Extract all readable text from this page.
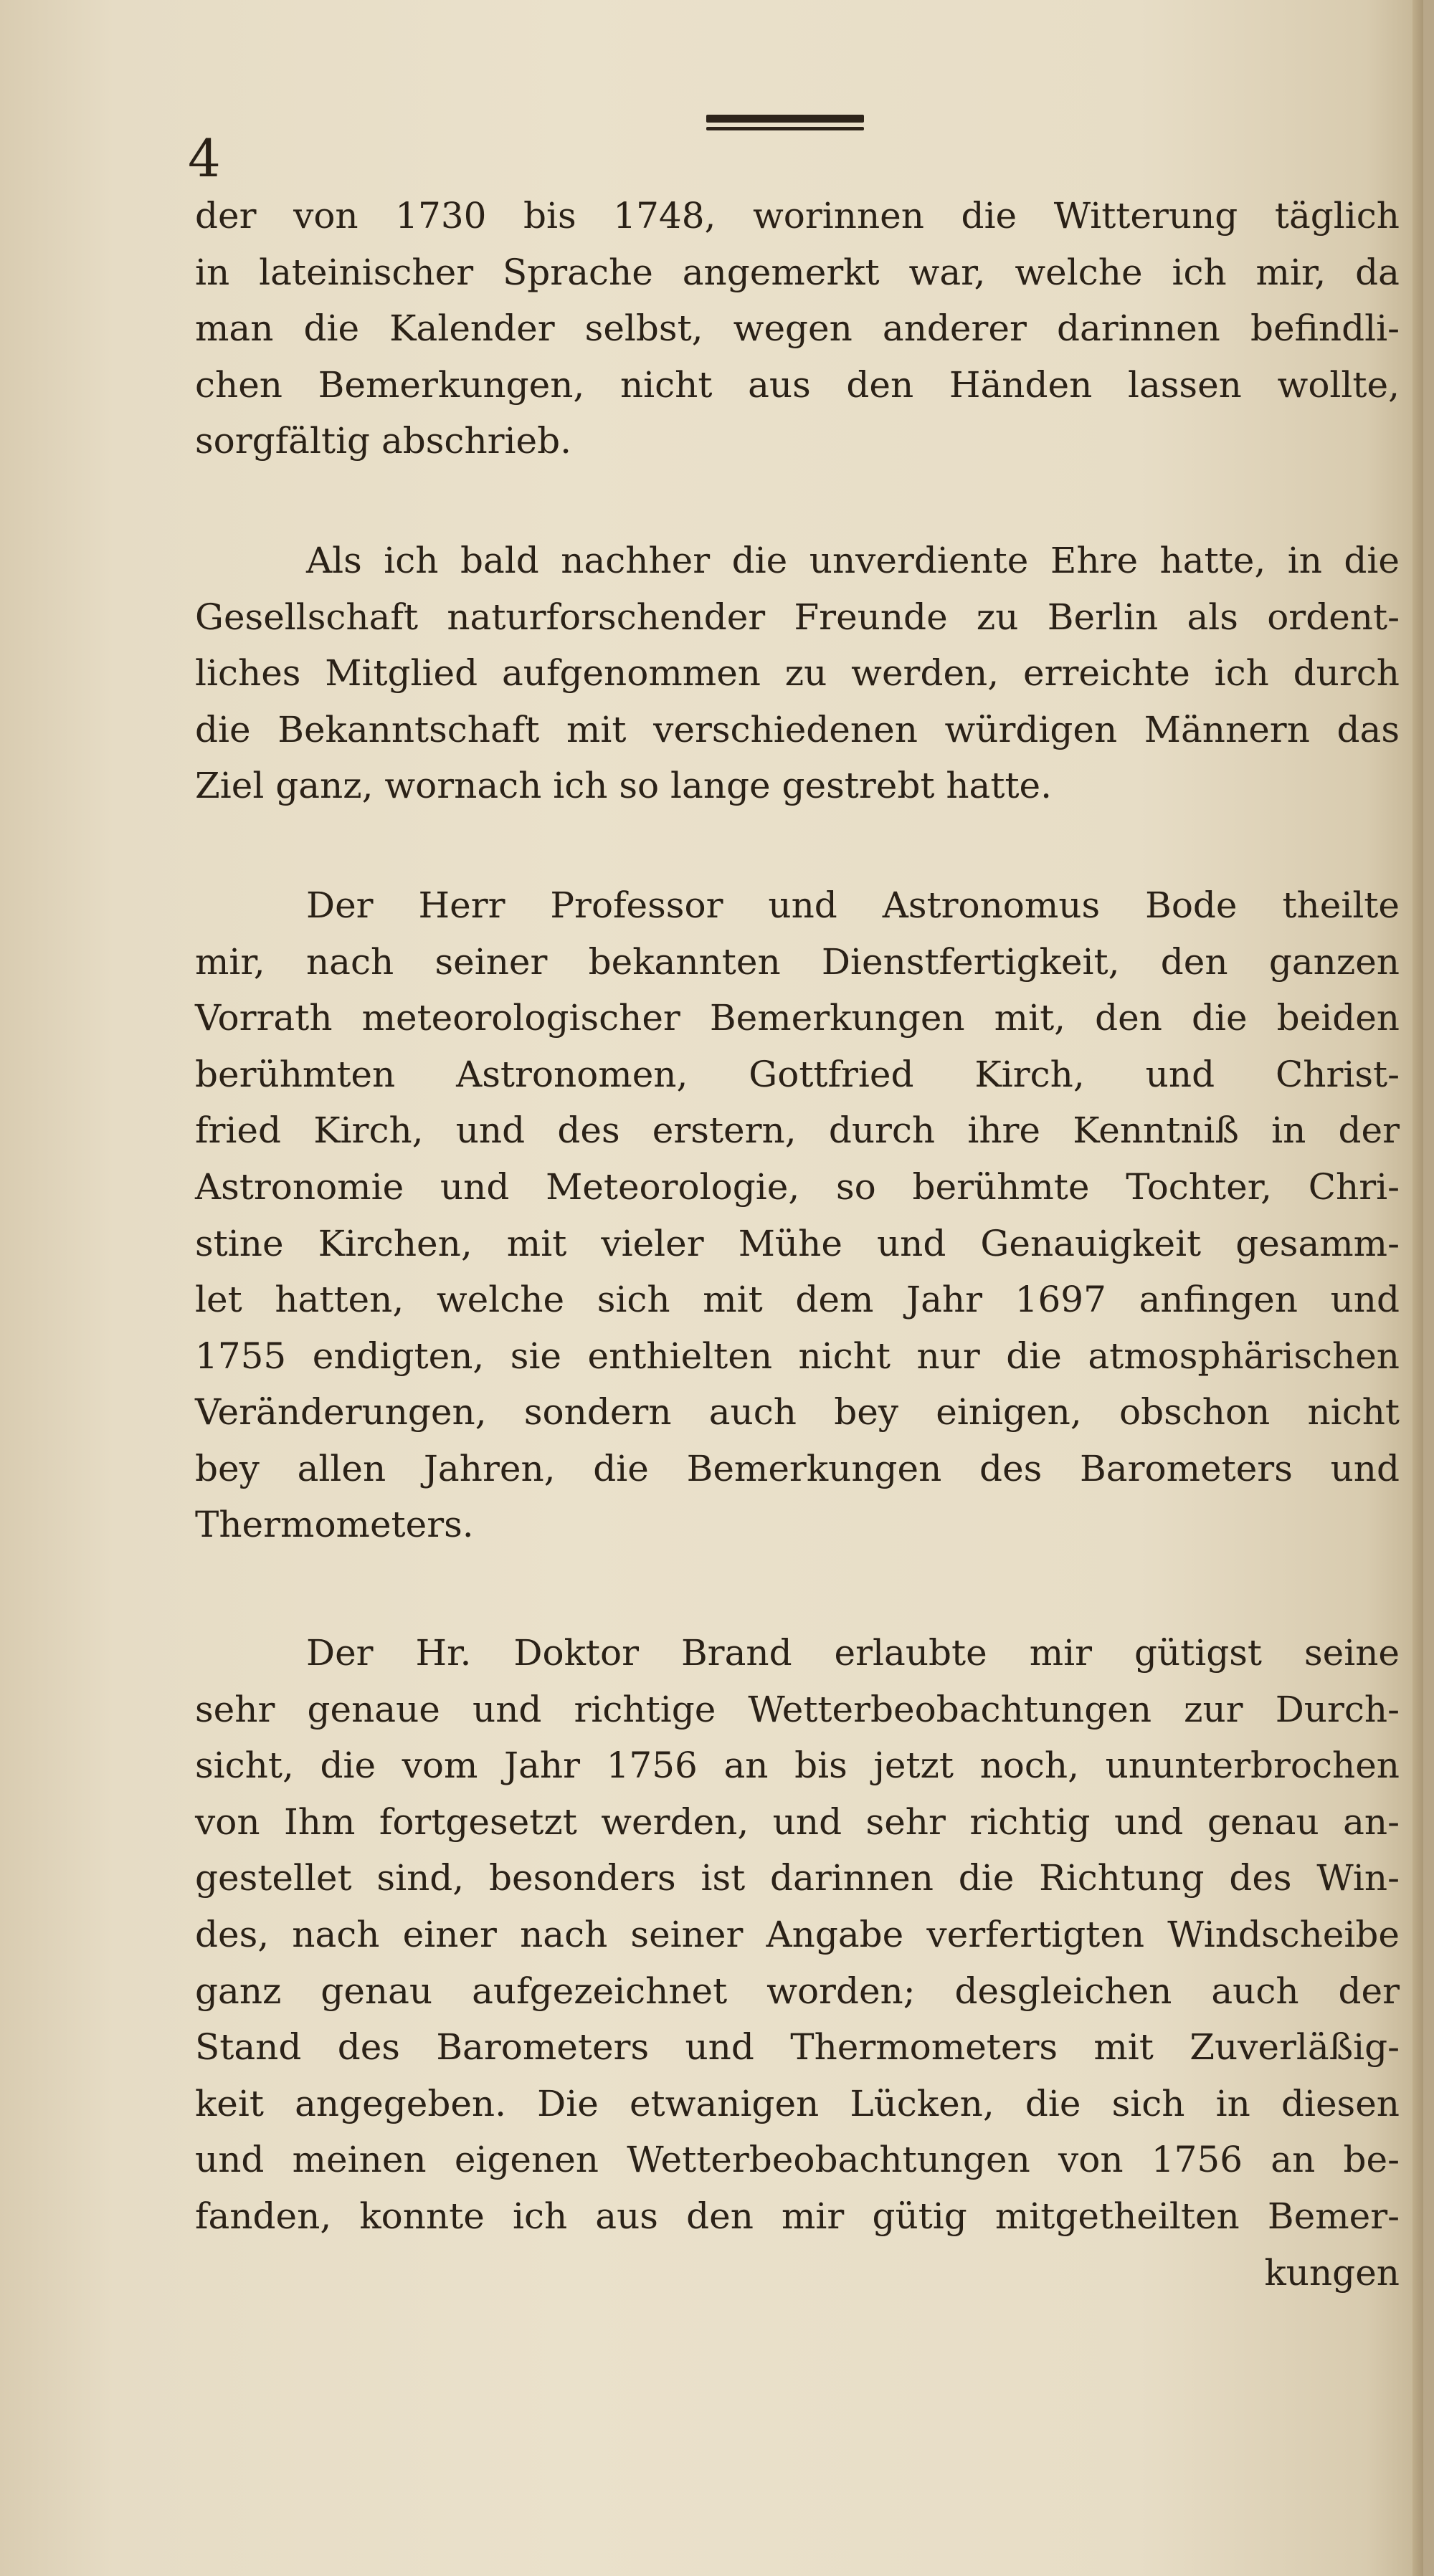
4
der von 1730 bis 1748, worinnen die Witterung täglich
in lateinischer Sprache angemerkt war, welche ich mir, da
man die Kalender selbst, wegen anderer darinnen befindli-
chen Bemerkungen, nicht aus den Händen lassen wollte,
sorgfältig abschrieb.
Als ich bald nachher die unverdiente Ehre hatte, in die
Gesellschaft naturforschender Freunde zu Berlin als ordent-
liches Mitglied aufgenommen zu werden, erreichte ich durch
die Bekanntschaft mit verschiedenen würdigen Männern das
Ziel ganz, wornach ich so lange gestrebt hatte.
Der Herr Professor und Astronomus Bode theilte
mir, nach seiner bekannten Dienstfertigkeit, den ganzen
Vorrath meteorologischer Bemerkungen mit, den die beiden
berühmten Astronomen, Gottfried Kirch, und Christ-
fried Kirch, und des erstern, durch ihre Kenntniß in der
Astronomie und Meteorologie, so berühmte Tochter, Chri-
stine Kirchen, mit vieler Mühe und Genauigkeit gesamm-
let hatten, welche sich mit dem Jahr 1697 anfingen und
1755 endigten, sie enthielten nicht nur die atmosphärischen
Veränderungen, sondern auch bey einigen, obschon nicht
bey allen Jahren, die Bemerkungen des Barometers und
Thermometers.
Der Hr. Doktor Brand erlaubte mir gütigst seine
sehr genaue und richtige Wetterbeobachtungen zur Durch-
sicht, die vom Jahr 1756 an bis jetzt noch, ununterbrochen
von Ihm fortgesetzt werden, und sehr richtig und genau an-
gestellet sind, besonders ist darinnen die Richtung des Win-
des, nach einer nach seiner Angabe verfertigten Windscheibe
ganz genau aufgezeichnet worden; desgleichen auch der
Stand des Barometers und Thermometers mit Zuverläßig-
keit angegeben. Die etwanigen Lücken, die sich in diesen
und meinen eigenen Wetterbeobachtungen von 1756 an be-
fanden, konnte ich aus den mir gütig mitgetheilten Bemer-
kungen
